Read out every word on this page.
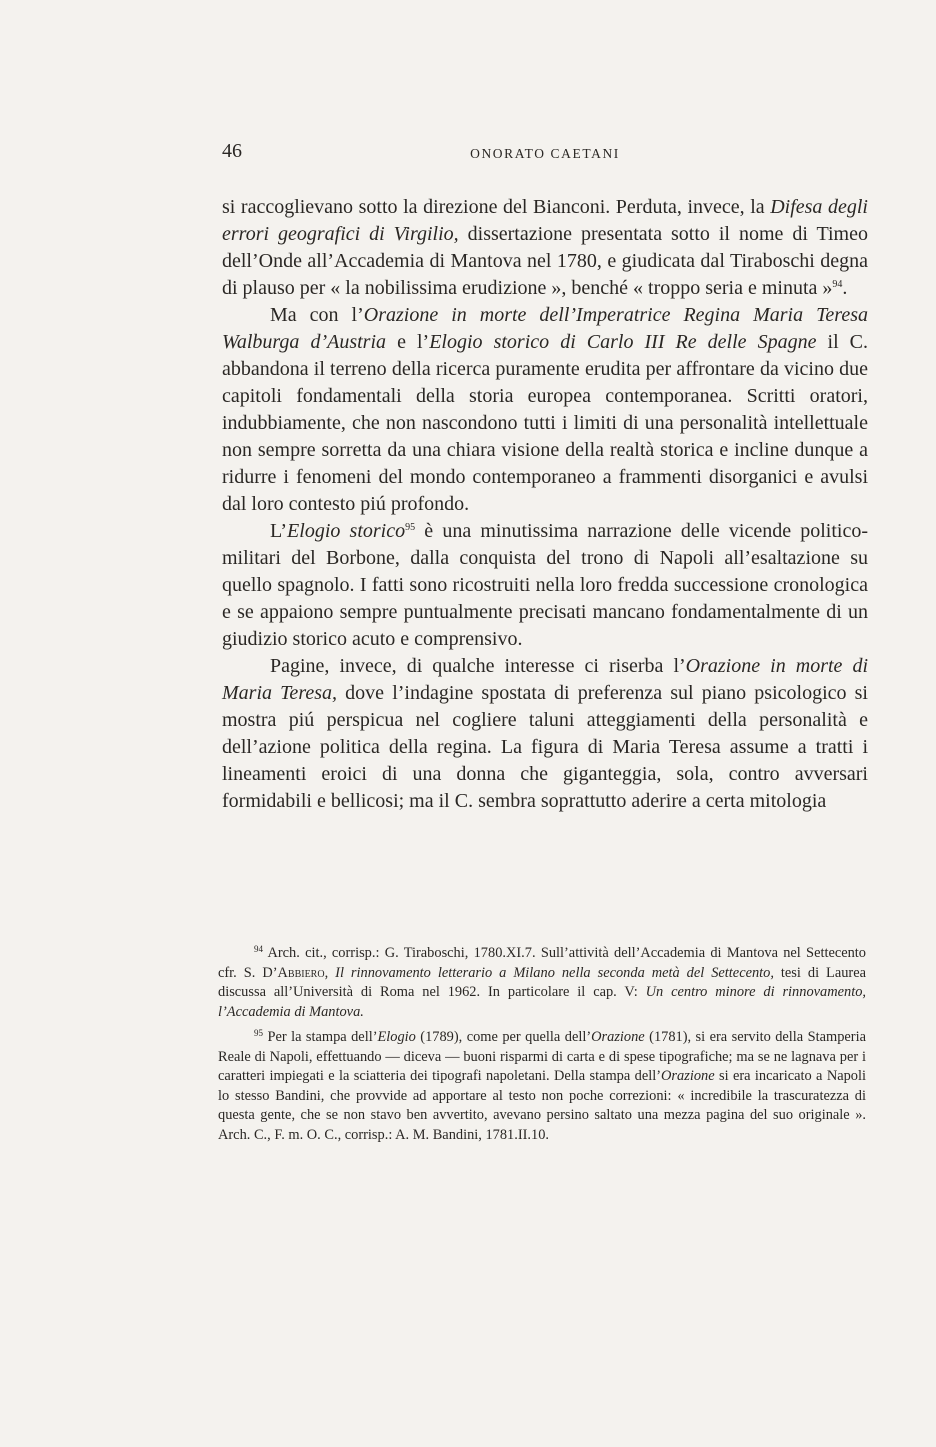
46	ONORATO CAETANI

si raccoglievano sotto la direzione del Bianconi. Perduta, invece, la Difesa degli errori geografici di Virgilio, dissertazione presentata sotto il nome di Timeo dell’Onde all’Accademia di Mantova nel 1780, e giudicata dal Tiraboschi degna di plauso per « la nobilissima erudizione », benché « troppo seria e minuta »$^{94}$.

Ma con l’Orazione in morte dell’Imperatrice Regina Maria Teresa Walburga d’Austria e l’Elogio storico di Carlo III Re delle Spagne il C. abbandona il terreno della ricerca puramente erudita per affrontare da vicino due capitoli fondamentali della storia europea contemporanea. Scritti oratori, indubbiamente, che non nascondono tutti i limiti di una personalità intellettuale non sempre sorretta da una chiara visione della realtà storica e incline dunque a ridurre i fenomeni del mondo contemporaneo a frammenti disorganici e avulsi dal loro contesto piú profondo.

L’Elogio storico$^{95}$ è una minutissima narrazione delle vicende politico-militari del Borbone, dalla conquista del trono di Napoli all’esaltazione su quello spagnolo. I fatti sono ricostruiti nella loro fredda successione cronologica e se appaiono sempre puntualmente precisati mancano fondamentalmente di un giudizio storico acuto e comprensivo.

Pagine, invece, di qualche interesse ci riserba l’Orazione in morte di Maria Teresa, dove l’indagine spostata di preferenza sul piano psicologico si mostra piú perspicua nel cogliere taluni atteggiamenti della personalità e dell’azione politica della regina. La figura di Maria Teresa assume a tratti i lineamenti eroici di una donna che giganteggia, sola, contro avversari formidabili e bellicosi; ma il C. sembra soprattutto aderire a certa mitologia

$^{94}$ Arch. cit., corrisp.: G. Tiraboschi, 1780.XI.7. Sull’attività dell’Accademia di Mantova nel Settecento cfr. S. D’Abbiero, Il rinnovamento letterario a Milano nella seconda metà del Settecento, tesi di Laurea discussa all’Università di Roma nel 1962. In particolare il cap. V: Un centro minore di rinnovamento, l’Accademia di Mantova.

$^{95}$ Per la stampa dell’Elogio (1789), come per quella dell’Orazione (1781), si era servito della Stamperia Reale di Napoli, effettuando — diceva — buoni risparmi di carta e di spese tipografiche; ma se ne lagnava per i caratteri impiegati e la sciatteria dei tipografi napoletani. Della stampa dell’Orazione si era incaricato a Napoli lo stesso Bandini, che provvide ad apportare al testo non poche correzioni: « incredibile la trascuratezza di questa gente, che se non stavo ben avvertito, avevano persino saltato una mezza pagina del suo originale ». Arch. C., F. m. O. C., corrisp.: A. M. Bandini, 1781.II.10.
